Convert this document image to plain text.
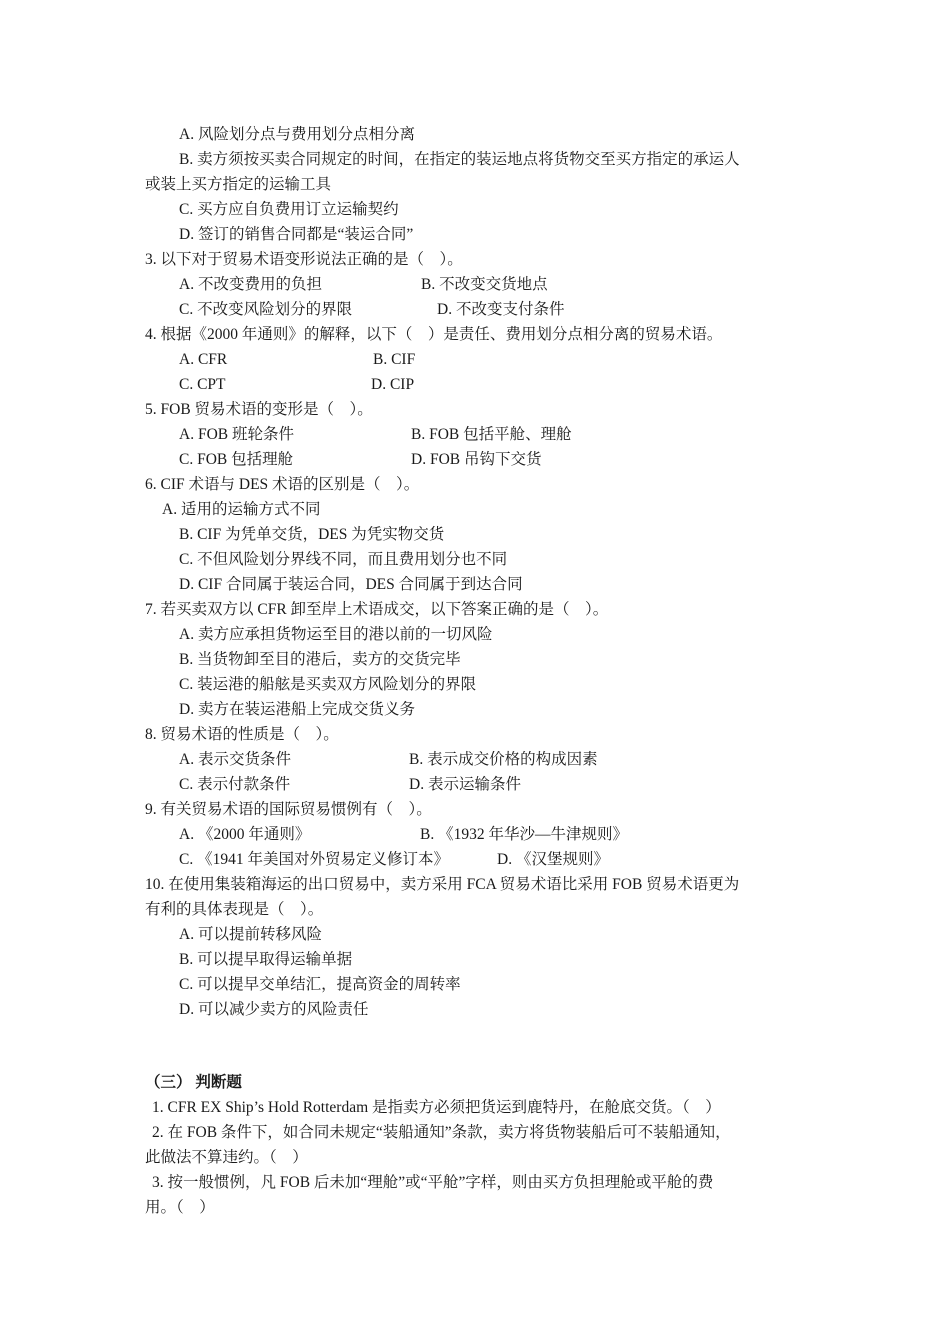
A. 风险划分点与费用划分点相分离
B. 卖方须按买卖合同规定的时间，在指定的装运地点将货物交至买方指定的承运人
或装上买方指定的运输工具
C. 买方应自负费用订立运输契约
D. 签订的销售合同都是“装运合同”
3. 以下对于贸易术语变形说法正确的是（　）。
A. 不改变费用的负担	B. 不改变交货地点
C. 不改变风险划分的界限	D. 不改变支付条件
4. 根据《2000 年通则》的解释，以下（　）是责任、费用划分点相分离的贸易术语。
A. CFR	B. CIF
C. CPT	D. CIP
5. FOB 贸易术语的变形是（　）。
A. FOB 班轮条件	B. FOB 包括平舱、理舱
C. FOB 包括理舱	D. FOB 吊钩下交货
6. CIF 术语与 DES 术语的区别是（　）。
A. 适用的运输方式不同
B. CIF 为凭单交货，DES 为凭实物交货
C. 不但风险划分界线不同，而且费用划分也不同
D. CIF 合同属于装运合同，DES 合同属于到达合同
7. 若买卖双方以 CFR 卸至岸上术语成交，以下答案正确的是（　）。
A. 卖方应承担货物运至目的港以前的一切风险
B. 当货物卸至目的港后，卖方的交货完毕
C. 装运港的船舷是买卖双方风险划分的界限
D. 卖方在装运港船上完成交货义务
8. 贸易术语的性质是（　）。
A. 表示交货条件	B. 表示成交价格的构成因素
C. 表示付款条件	D. 表示运输条件
9. 有关贸易术语的国际贸易惯例有（　）。
A. 《2000 年通则》	B. 《1932 年华沙—牛津规则》
C. 《1941 年美国对外贸易定义修订本》	D. 《汉堡规则》
10. 在使用集装箱海运的出口贸易中，卖方采用 FCA 贸易术语比采用 FOB 贸易术语更为
有利的具体表现是（　）。
A. 可以提前转移风险
B. 可以提早取得运输单据
C. 可以提早交单结汇，提高资金的周转率
D. 可以减少卖方的风险责任
（三） 判断题
1. CFR EX Ship’s Hold Rotterdam 是指卖方必须把货运到鹿特丹，在舱底交货。（　）
2. 在 FOB 条件下，如合同未规定“装船通知”条款，卖方将货物装船后可不装船通知，
此做法不算违约。（　）
3. 按一般惯例，凡 FOB 后未加“理舱”或“平舱”字样，则由买方负担理舱或平舱的费
用。（　）
